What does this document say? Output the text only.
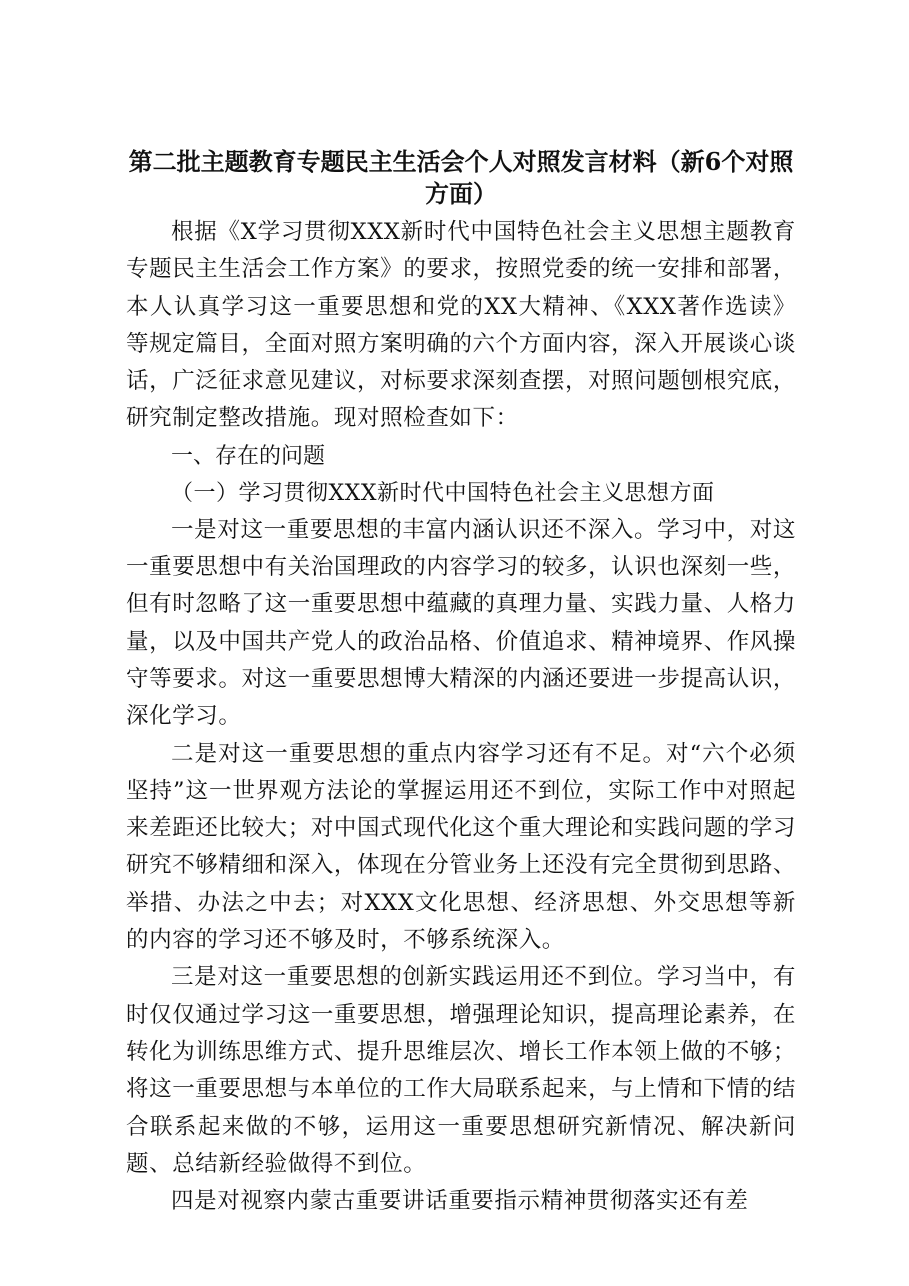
第二批主题教育专题民主生活会个人对照发言材料（新6个对照方面）

根据《X学习贯彻XXX新时代中国特色社会主义思想主题教育专题民主生活会工作方案》的要求，按照党委的统一安排和部署，本人认真学习这一重要思想和党的XX大精神、《XXX著作选读》等规定篇目，全面对照方案明确的六个方面内容，深入开展谈心谈话，广泛征求意见建议，对标要求深刻查摆，对照问题刨根究底，研究制定整改措施。现对照检查如下：

一、存在的问题

（一）学习贯彻XXX新时代中国特色社会主义思想方面

一是对这一重要思想的丰富内涵认识还不深入。学习中，对这一重要思想中有关治国理政的内容学习的较多，认识也深刻一些，但有时忽略了这一重要思想中蕴藏的真理力量、实践力量、人格力量，以及中国共产党人的政治品格、价值追求、精神境界、作风操守等要求。对这一重要思想博大精深的内涵还要进一步提高认识，深化学习。

二是对这一重要思想的重点内容学习还有不足。对“六个必须坚持”这一世界观方法论的掌握运用还不到位，实际工作中对照起来差距还比较大；对中国式现代化这个重大理论和实践问题的学习研究不够精细和深入，体现在分管业务上还没有完全贯彻到思路、举措、办法之中去；对XXX文化思想、经济思想、外交思想等新的内容的学习还不够及时，不够系统深入。

三是对这一重要思想的创新实践运用还不到位。学习当中，有时仅仅通过学习这一重要思想，增强理论知识，提高理论素养，在转化为训练思维方式、提升思维层次、增长工作本领上做的不够；将这一重要思想与本单位的工作大局联系起来，与上情和下情的结合联系起来做的不够，运用这一重要思想研究新情况、解决新问题、总结新经验做得不到位。

四是对视察内蒙古重要讲话重要指示精神贯彻落实还有差
